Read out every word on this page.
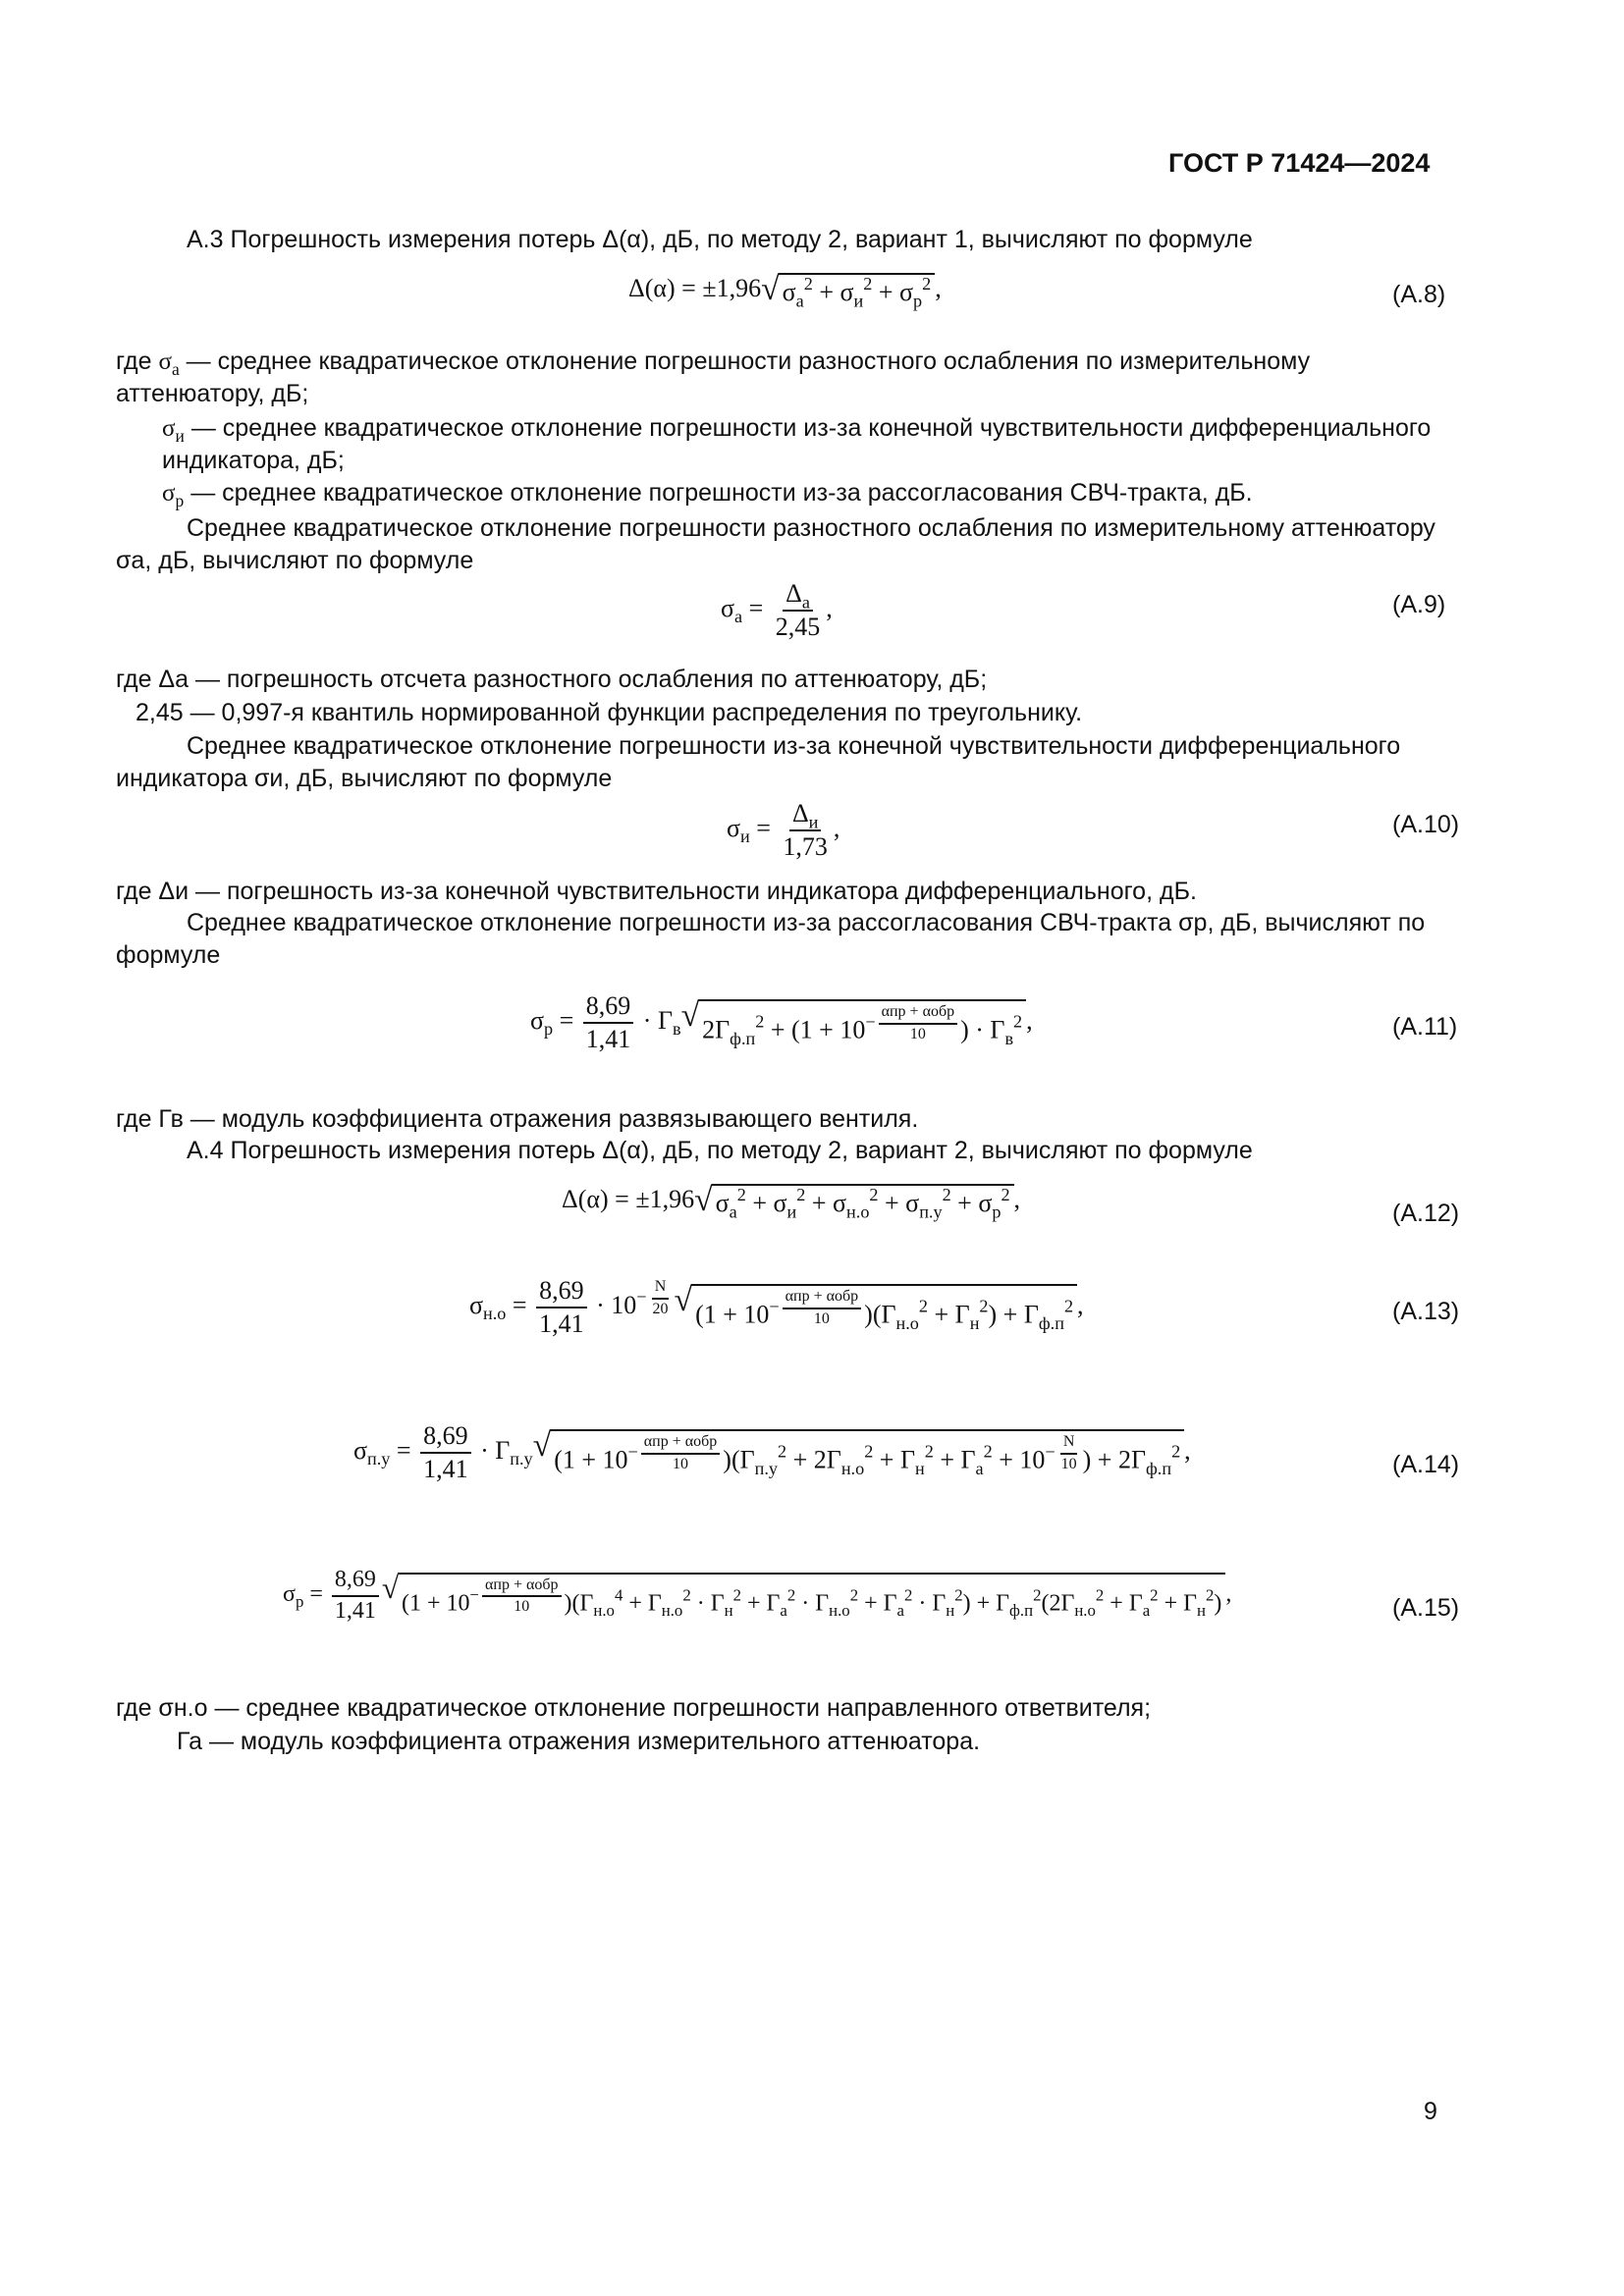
ГОСТ Р 71424—2024
А.3 Погрешность измерения потерь Δ(α), дБ, по методу 2, вариант 1, вычисляют по формуле
Δ(α) = ±1,96 √ $\sigma_а^2 + \sigma_и^2 + \sigma_р^2$ ,	(А.8)
где $\sigma_а$ — среднее квадратическое отклонение погрешности разностного ослабления по измерительному аттенюатору, дБ;
$\sigma_и$ — среднее квадратическое отклонение погрешности из-за конечной чувствительности дифференциального индикатора, дБ;
$\sigma_р$ — среднее квадратическое отклонение погрешности из-за рассогласования СВЧ-тракта, дБ.
Среднее квадратическое отклонение погрешности разностного ослабления по измерительному аттенюатору σа, дБ, вычисляют по формуле
$\sigma_а = \frac{\Delta_а}{2,45}$ ,	(А.9)
где Δа — погрешность отсчета разностного ослабления по аттенюатору, дБ;
2,45 — 0,997-я квантиль нормированной функции распределения по треугольнику.
Среднее квадратическое отклонение погрешности из-за конечной чувствительности дифференциального индикатора σи, дБ, вычисляют по формуле
$\sigma_и = \frac{\Delta_и}{1,73}$ ,	(А.10)
где Δи — погрешность из-за конечной чувствительности индикатора дифференциального, дБ.
Среднее квадратическое отклонение погрешности из-за рассогласования СВЧ-тракта σр, дБ, вычисляют по формуле
$\sigma_р = \frac{8,69}{1,41} \cdot Г_в$ √ $2Г_{ф.п}^2 + (1 + 10^{- \frac{\text{αпр + αобр}}{10}}$ ) · $Г_в^2$ ,	(А.11)
где Гв — модуль коэффициента отражения развязывающего вентиля.
А.4 Погрешность измерения потерь Δ(α), дБ, по методу 2, вариант 2, вычисляют по формуле
Δ(α) = ±1,96 √ $\sigma_а^2 + \sigma_и^2 + \sigma_{н.о}^2 + \sigma_{п.у}^2 + \sigma_р^2$ ,	(А.12)
$\sigma_{н.о} = \frac{8,69}{1,41} \cdot 10^{- \frac{N}{20}}$ √ ($1 + 10^{- \frac{\text{αпр + αобр}}{10}}$ )$(Г_{н.о}^2 + Г_н^2) + Г_{ф.п}^2$ ,	(А.13)
$\sigma_{п.у} = \frac{8,69}{1,41} \cdot Г_{п.у}$ √ ($1 + 10^{- \frac{\text{αпр + αобр}}{10}}$ )($Г_{п.у}^2 + 2Г_{н.о}^2 + Г_н^2 + Г_а^2 + 10^{- \frac{N}{10}}$ ) + $2Г_{ф.п}^2$ ,
(А.14)
$\sigma_р = \frac{8,69}{1,41}$ √ ($1 + 10^{- \frac{\text{αпр + αобр}}{10}}$ )$(Г_{н.о}^4 + Г_{н.о}^2 \cdot Г_н^2 + Г_а^2 \cdot Г_{н.о}^2 + Г_а^2 \cdot Г_н^2) + Г_{ф.п}^2(2Г_{н.о}^2 + Г_а^2 + Г_н^2)$ ,	(А.15)
где σн.о — среднее квадратическое отклонение погрешности направленного ответвителя;
Га — модуль коэффициента отражения измерительного аттенюатора.
9
